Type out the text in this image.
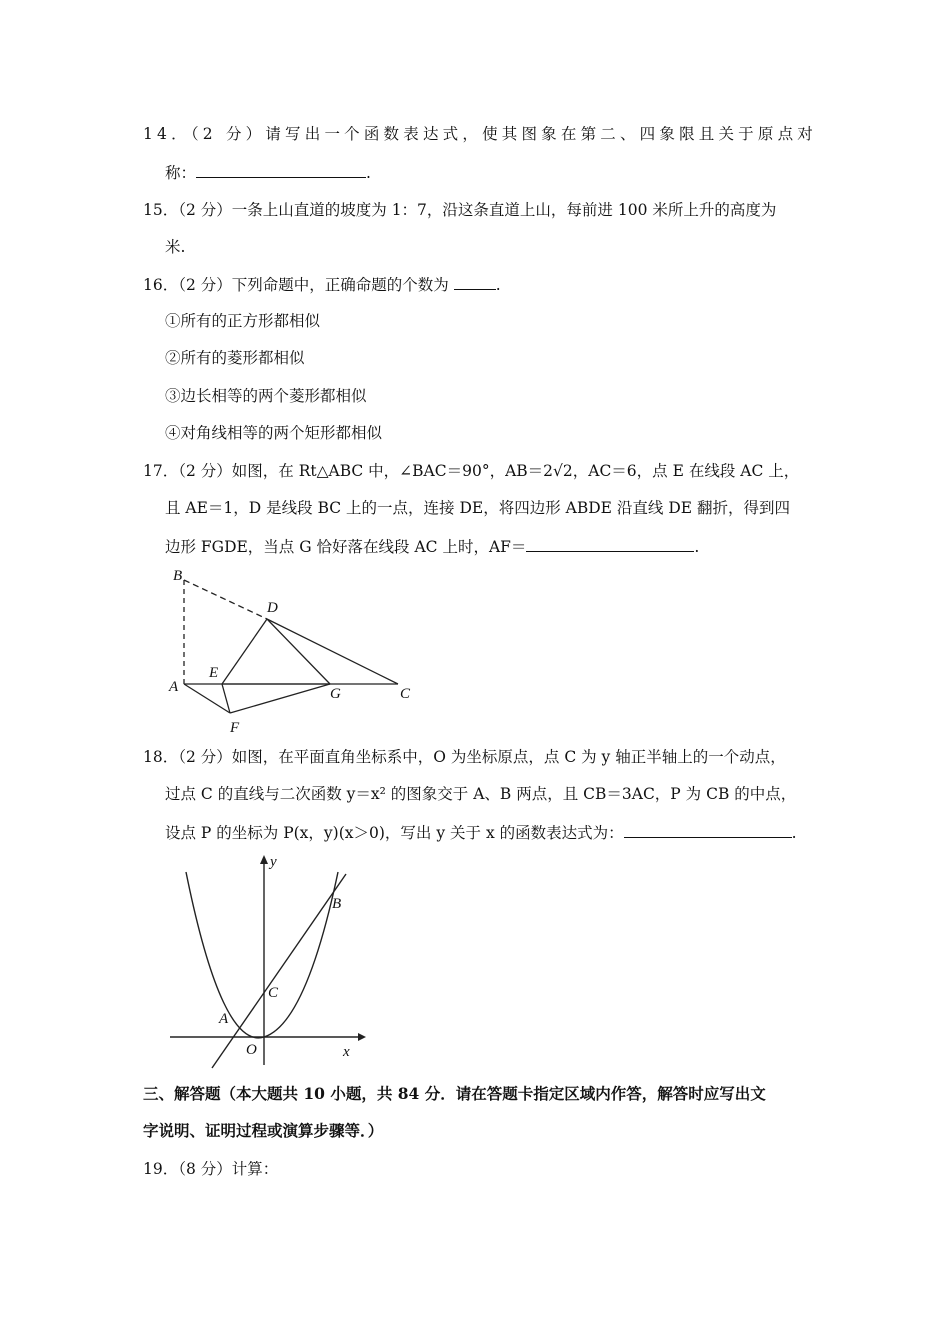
14．（2 分）请写出一个函数表达式，使其图象在第二、四象限且关于原点对
称：	.
15．（2 分）一条上山直道的坡度为 1：7，沿这条直道上山，每前进 100 米所上升的高度为
米.
16．（2 分）下列命题中，正确命题的个数为	.
①所有的正方形都相似
②所有的菱形都相似
③边长相等的两个菱形都相似
④对角线相等的两个矩形都相似
17．（2 分）如图，在 Rt△ABC 中，∠BAC＝90°，AB＝2√2，AC＝6，点 E 在线段 AC 上，
且 AE＝1，D 是线段 BC 上的一点，连接 DE，将四边形 ABDE 沿直线 DE 翻折，得到四
边形 FGDE，当点 G 恰好落在线段 AC 上时，AF＝	.
B
D
E
A	G	C
F
18．（2 分）如图，在平面直角坐标系中，O 为坐标原点，点 C 为 y 轴正半轴上的一个动点，
过点 C 的直线与二次函数 y＝x² 的图象交于 A、B 两点，且 CB＝3AC，P 为 CB 的中点，
设点 P 的坐标为 P(x，y)(x＞0)，写出 y 关于 x 的函数表达式为：	.
y
x
B
C
A
O
三、解答题（本大题共 10 小题，共 84 分．请在答题卡指定区域内作答，解答时应写出文
字说明、证明过程或演算步骤等．）
19．（8 分）计算：
